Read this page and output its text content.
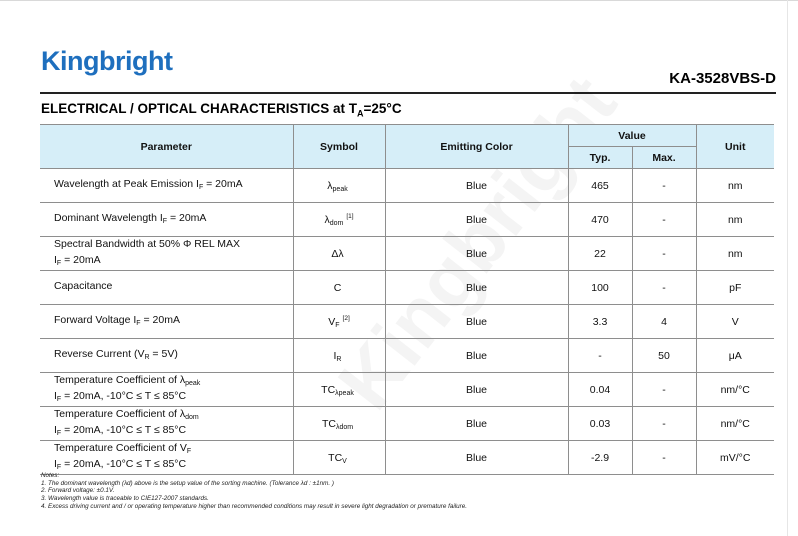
Kingbright
KA-3528VBS-D
ELECTRICAL / OPTICAL CHARACTERISTICS at $T_A=25^\circ C$
Parameter	Symbol	Emitting Color	Value		Unit
			Typ.	Max.	
Wavelength at Peak Emission $I_F = 20mA$	$\lambda_{peak}$	Blue	465	-	nm
Dominant Wavelength $I_F = 20mA$	$\lambda_{dom}[1]$	Blue	470	-	nm
Spectral Bandwidth at 50% Φ REL MAX
$I_F = 20mA$	Δλ	Blue	22	-	nm
Capacitance	C	Blue	100	-	pF
Forward Voltage $I_F = 20mA$	$V_F[2]$	Blue	3.3	4	V
Reverse Current $(V_R = 5V)$	$I_R$	Blue	-	50	μA
Temperature Coefficient of $\lambda_{peak}$
$I_F = 20mA$, -10°C ≤ T ≤ 85°C	$TC_{\lambda peak}$	Blue	0.04	-	nm/°C
Temperature Coefficient of $\lambda_{dom}$
$I_F = 20mA$, -10°C ≤ T ≤ 85°C	$TC_{\lambda dom}$	Blue	0.03	-	nm/°C
Temperature Coefficient of $V_F$
$I_F = 20mA$, -10°C ≤ T ≤ 85°C	$TC_V$	Blue	-2.9	-	mV/°C
Notes:
1. The dominant wavelength (λd) above is the setup value of the sorting machine. (Tolerance λd : ±1nm. )
2. Forward voltage: ±0.1V.
3. Wavelength value is traceable to CIE127-2007 standards.
4. Excess driving current and / or operating temperature higher than recommended conditions may result in severe light degradation or premature failure.
